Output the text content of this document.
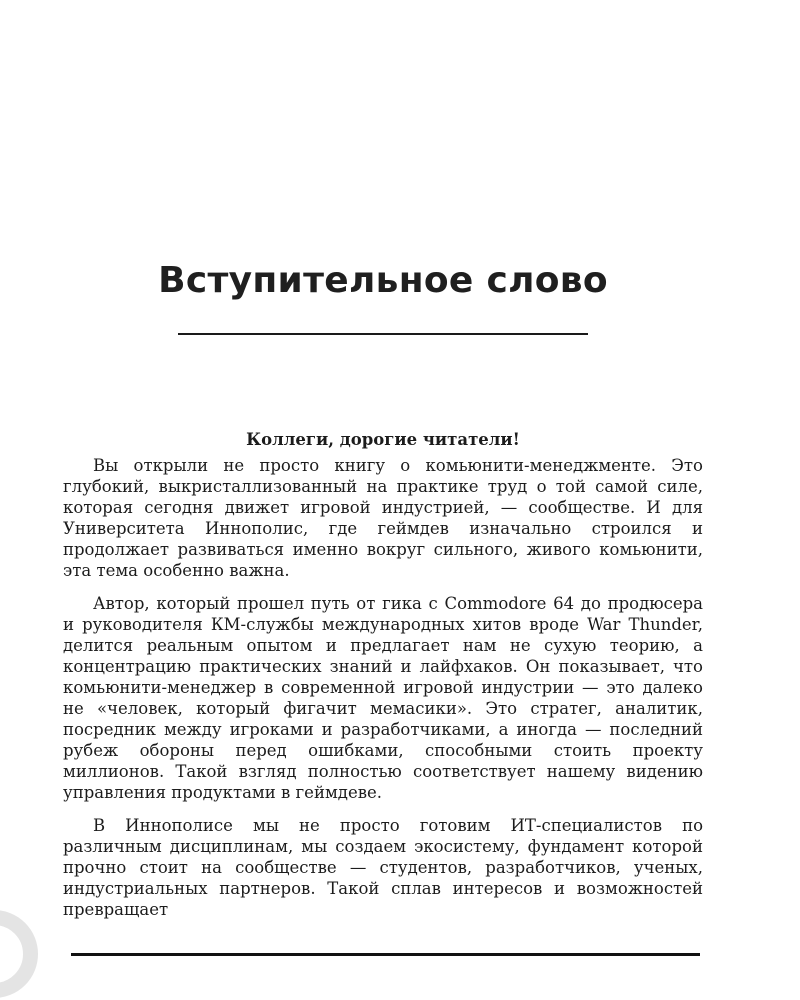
Вступительное слово

Коллеги, дорогие читатели!

Вы открыли не просто книгу о комьюнити-менеджменте. Это глубокий, выкристаллизованный на практике труд о той самой силе, которая сегодня движет игровой индустрией, — сообществе. И для Университета Иннополис, где геймдев изначально строился и продолжает развиваться именно вокруг сильного, живого комьюнити, эта тема особенно важна.

Автор, который прошел путь от гика с Commodore 64 до продюсера и руководителя КМ-службы международных хитов вроде War Thunder, делится реальным опытом и предлагает нам не сухую теорию, а концентрацию практических знаний и лайфхаков. Он показывает, что комьюнити-менеджер в современной игровой индустрии — это далеко не «человек, который фигачит мемасики». Это стратег, аналитик, посредник между игроками и разработчиками, а иногда — последний рубеж обороны перед ошибками, способными стоить проекту миллионов. Такой взгляд полностью соответствует нашему видению управления продуктами в геймдеве.

В Иннополисе мы не просто готовим ИТ-специалистов по различным дисциплинам, мы создаем экосистему, фундамент которой прочно стоит на сообществе — студентов, разработчиков, ученых, индустриальных партнеров. Такой сплав интересов и возможностей превращает
